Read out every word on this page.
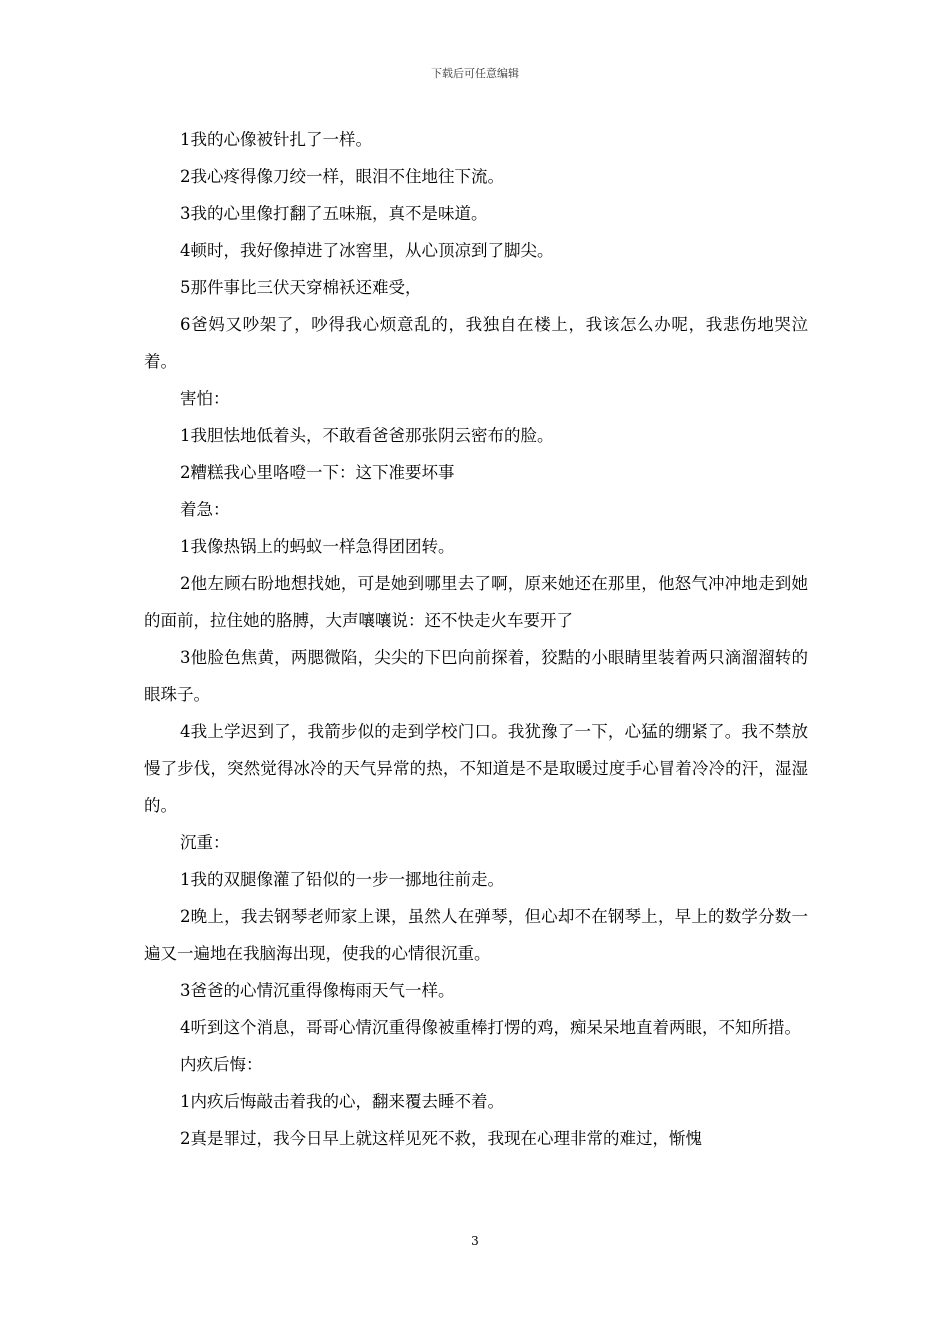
下载后可任意编辑

1我的心像被针扎了一样。

2我心疼得像刀绞一样，眼泪不住地往下流。

3我的心里像打翻了五味瓶，真不是味道。

4顿时，我好像掉进了冰窖里，从心顶凉到了脚尖。

5那件事比三伏天穿棉袄还难受，

6爸妈又吵架了，吵得我心烦意乱的，我独自在楼上，我该怎么办呢，我悲伤地哭泣着。

害怕：

1我胆怯地低着头，不敢看爸爸那张阴云密布的脸。

2糟糕我心里咯噔一下：这下准要坏事

着急：

1我像热锅上的蚂蚁一样急得团团转。

2他左顾右盼地想找她，可是她到哪里去了啊，原来她还在那里，他怒气冲冲地走到她的面前，拉住她的胳膊，大声嚷嚷说：还不快走火车要开了

3他脸色焦黄，两腮微陷，尖尖的下巴向前探着，狡黠的小眼睛里装着两只滴溜溜转的眼珠子。

4我上学迟到了，我箭步似的走到学校门口。我犹豫了一下，心猛的绷紧了。我不禁放慢了步伐，突然觉得冰冷的天气异常的热，不知道是不是取暖过度手心冒着冷冷的汗，湿湿的。

沉重：

1我的双腿像灌了铅似的一步一挪地往前走。

2晚上，我去钢琴老师家上课，虽然人在弹琴，但心却不在钢琴上，早上的数学分数一遍又一遍地在我脑海出现，使我的心情很沉重。

3爸爸的心情沉重得像梅雨天气一样。

4听到这个消息，哥哥心情沉重得像被重棒打愣的鸡，痴呆呆地直着两眼，不知所措。

内疚后悔：

1内疚后悔敲击着我的心，翻来覆去睡不着。

2真是罪过，我今日早上就这样见死不救，我现在心理非常的难过，惭愧

3
